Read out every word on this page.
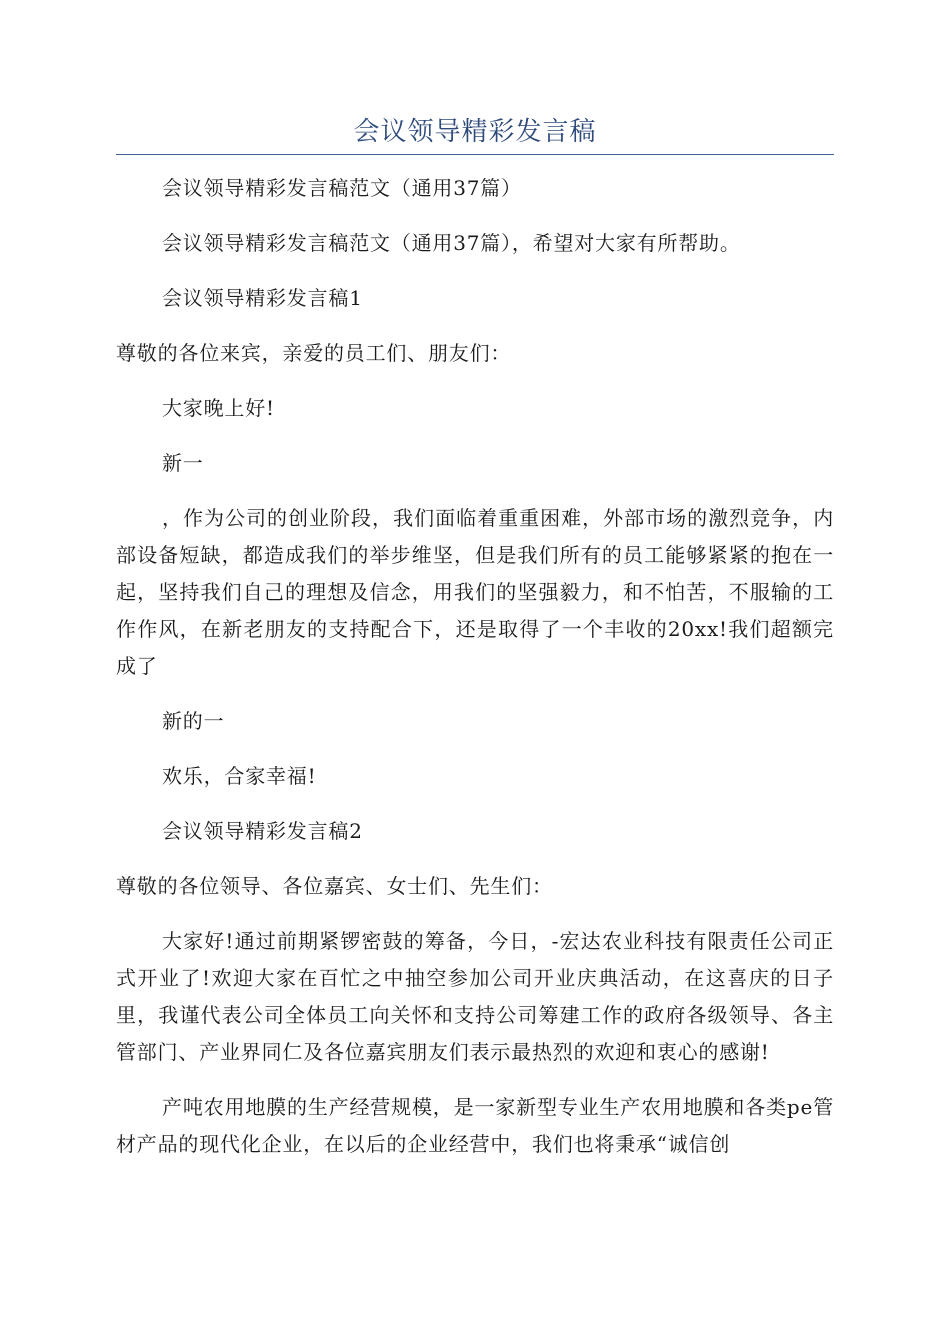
会议领导精彩发言稿

会议领导精彩发言稿范文（通用37篇）

会议领导精彩发言稿范文（通用37篇），希望对大家有所帮助。

会议领导精彩发言稿1

尊敬的各位来宾，亲爱的员工们、朋友们：

大家晚上好!

新一

，作为公司的创业阶段，我们面临着重重困难，外部市场的激烈竞争，内部设备短缺，都造成我们的举步维坚，但是我们所有的员工能够紧紧的抱在一起，坚持我们自己的理想及信念，用我们的坚强毅力，和不怕苦，不服输的工作作风，在新老朋友的支持配合下，还是取得了一个丰收的20xx!我们超额完成了

新的一

欢乐，合家幸福!

会议领导精彩发言稿2

尊敬的各位领导、各位嘉宾、女士们、先生们：

大家好!通过前期紧锣密鼓的筹备，今日，-宏达农业科技有限责任公司正式开业了!欢迎大家在百忙之中抽空参加公司开业庆典活动，在这喜庆的日子里，我谨代表公司全体员工向关怀和支持公司筹建工作的政府各级领导、各主管部门、产业界同仁及各位嘉宾朋友们表示最热烈的欢迎和衷心的感谢!

产吨农用地膜的生产经营规模，是一家新型专业生产农用地膜和各类pe管材产品的现代化企业，在以后的企业经营中，我们也将秉承“诚信创
